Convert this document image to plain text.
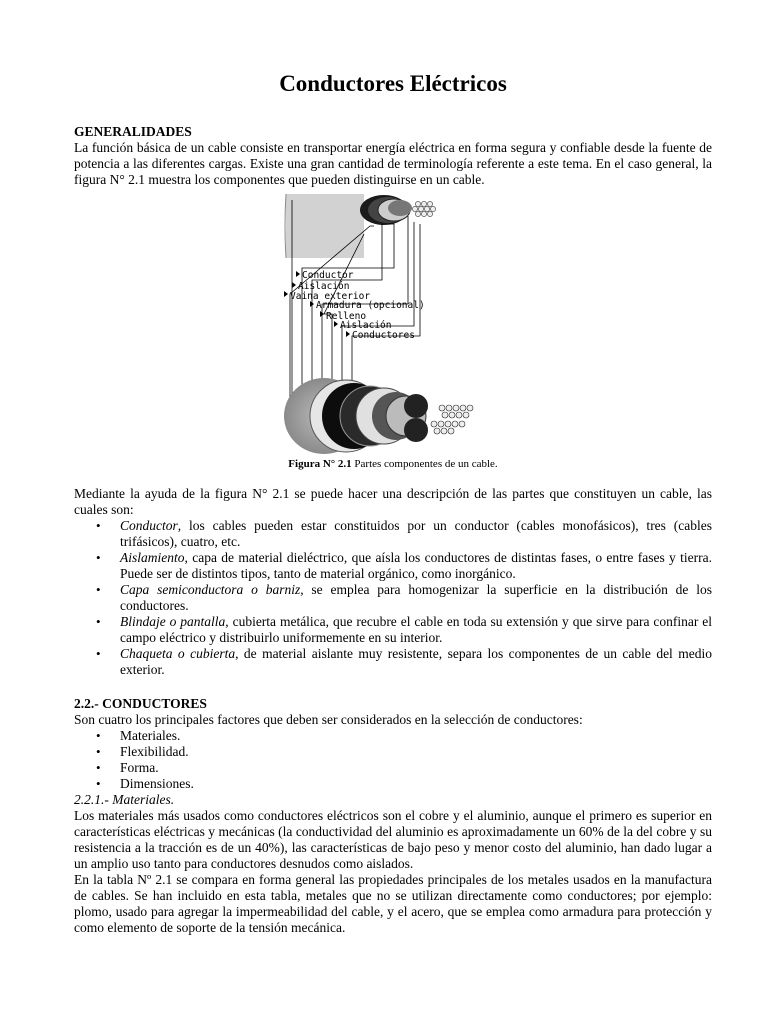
Conductores Eléctricos
GENERALIDADES
La función básica de un cable consiste en transportar energía eléctrica en forma segura y confiable desde la fuente de potencia a las diferentes cargas. Existe una gran cantidad de terminología referente a este tema. En el caso general, la figura N° 2.1 muestra los componentes que pueden distinguirse en un cable.
Conductor
Aislación
Vaina exterior
Armadura (opcional)
Relleno
Aislación
Conductores
Figura N° 2.1 Partes componentes de un cable.
Mediante la ayuda de la figura N° 2.1 se puede hacer una descripción de las partes que constituyen un cable, las cuales son:
• Conductor, los cables pueden estar constituidos por un conductor (cables monofásicos), tres (cables trifásicos), cuatro, etc.
• Aislamiento, capa de material dieléctrico, que aísla los conductores de distintas fases, o entre fases y tierra. Puede ser de distintos tipos, tanto de material orgánico, como inorgánico.
• Capa semiconductora o barniz, se emplea para homogenizar la superficie en la distribución de los conductores.
• Blindaje o pantalla, cubierta metálica, que recubre el cable en toda su extensión y que sirve para confinar el campo eléctrico y distribuirlo uniformemente en su interior.
• Chaqueta o cubierta, de material aislante muy resistente, separa los componentes de un cable del medio exterior.
2.2.- CONDUCTORES
Son cuatro los principales factores que deben ser considerados en la selección de conductores:
• Materiales.
• Flexibilidad.
• Forma.
• Dimensiones.
2.2.1.- Materiales.
Los materiales más usados como conductores eléctricos son el cobre y el aluminio, aunque el primero es superior en características eléctricas y mecánicas (la conductividad del aluminio es aproximadamente un 60% de la del cobre y su resistencia a la tracción es de un 40%), las características de bajo peso y menor costo del aluminio, han dado lugar a un amplio uso tanto para conductores desnudos como aislados.
En la tabla Nº 2.1 se compara en forma general las propiedades principales de los metales usados en la manufactura de cables. Se han incluido en esta tabla, metales que no se utilizan directamente como conductores; por ejemplo: plomo, usado para agregar la impermeabilidad del cable, y el acero, que se emplea como armadura para protección y como elemento de soporte de la tensión mecánica.
